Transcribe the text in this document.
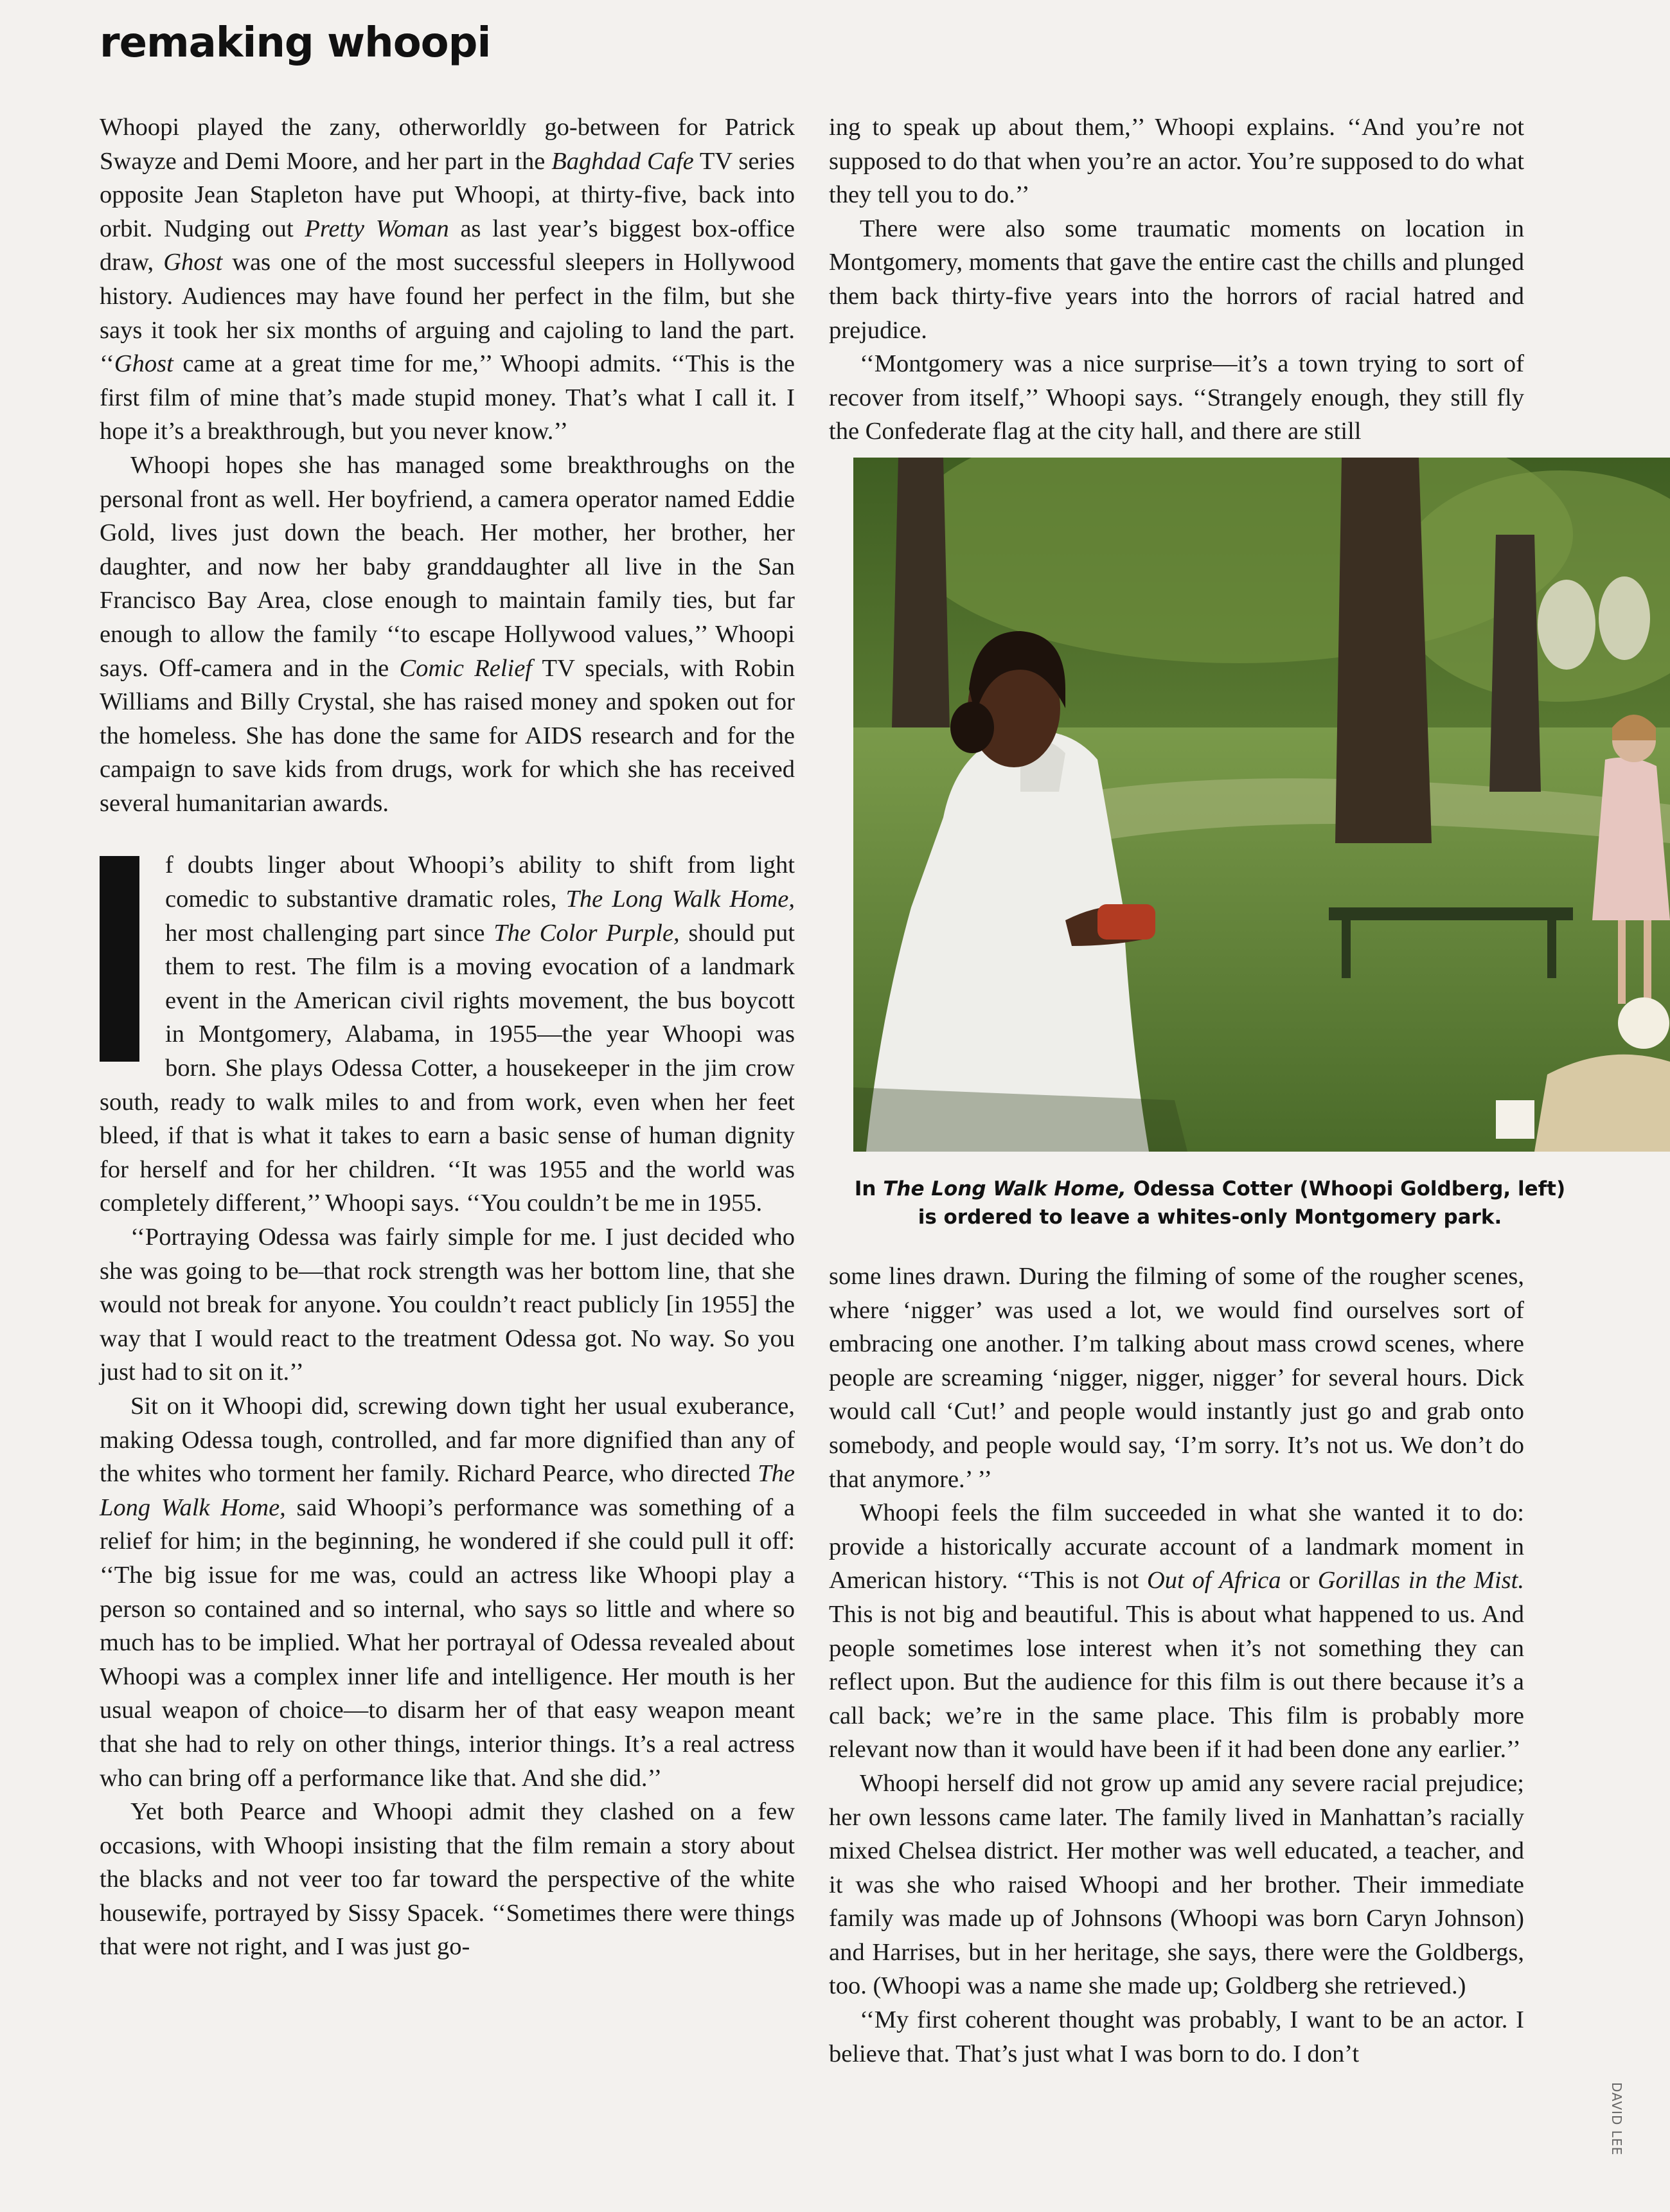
remaking whoopi

Whoopi played the zany, otherworldly go-between for Patrick Swayze and Demi Moore, and her part in the Baghdad Cafe TV series opposite Jean Stapleton have put Whoopi, at thirty-five, back into orbit. Nudging out Pretty Woman as last year’s biggest box-office draw, Ghost was one of the most successful sleepers in Hollywood history. Audiences may have found her perfect in the film, but she says it took her six months of arguing and cajoling to land the part. ‘‘Ghost came at a great time for me,’’ Whoopi admits. ‘‘This is the first film of mine that’s made stupid money. That’s what I call it. I hope it’s a breakthrough, but you never know.’’

Whoopi hopes she has managed some breakthroughs on the personal front as well. Her boyfriend, a camera operator named Eddie Gold, lives just down the beach. Her mother, her brother, her daughter, and now her baby granddaughter all live in the San Francisco Bay Area, close enough to maintain family ties, but far enough to allow the family ‘‘to escape Hollywood values,’’ Whoopi says. Off-camera and in the Comic Relief TV specials, with Robin Williams and Billy Crystal, she has raised money and spoken out for the homeless. She has done the same for AIDS research and for the campaign to save kids from drugs, work for which she has received several humanitarian awards.

f doubts linger about Whoopi’s ability to shift from light comedic to substantive dramatic roles, The Long Walk Home, her most challenging part since The Color Purple, should put them to rest. The film is a moving evocation of a landmark event in the American civil rights movement, the bus boycott in Montgomery, Alabama, in 1955—the year Whoopi was born. She plays Odessa Cotter, a housekeeper in the jim crow south, ready to walk miles to and from work, even when her feet bleed, if that is what it takes to earn a basic sense of human dignity for herself and for her children. ‘‘It was 1955 and the world was completely different,’’ Whoopi says. ‘‘You couldn’t be me in 1955.

‘‘Portraying Odessa was fairly simple for me. I just decided who she was going to be—that rock strength was her bottom line, that she would not break for anyone. You couldn’t react publicly [in 1955] the way that I would react to the treatment Odessa got. No way. So you just had to sit on it.’’

Sit on it Whoopi did, screwing down tight her usual exuberance, making Odessa tough, controlled, and far more dignified than any of the whites who torment her family. Richard Pearce, who directed The Long Walk Home, said Whoopi’s performance was something of a relief for him; in the beginning, he wondered if she could pull it off: ‘‘The big issue for me was, could an actress like Whoopi play a person so contained and so internal, who says so little and where so much has to be implied. What her portrayal of Odessa revealed about Whoopi was a complex inner life and intelligence. Her mouth is her usual weapon of choice—to disarm her of that easy weapon meant that she had to rely on other things, interior things. It’s a real actress who can bring off a performance like that. And she did.’’

Yet both Pearce and Whoopi admit they clashed on a few occasions, with Whoopi insisting that the film remain a story about the blacks and not veer too far toward the perspective of the white housewife, portrayed by Sissy Spacek. ‘‘Sometimes there were things that were not right, and I was just go-

ing to speak up about them,’’ Whoopi explains. ‘‘And you’re not supposed to do that when you’re an actor. You’re supposed to do what they tell you to do.’’

There were also some traumatic moments on location in Montgomery, moments that gave the entire cast the chills and plunged them back thirty-five years into the horrors of racial hatred and prejudice.

‘‘Montgomery was a nice surprise—it’s a town trying to sort of recover from itself,’’ Whoopi says. ‘‘Strangely enough, they still fly the Confederate flag at the city hall, and there are still

In The Long Walk Home, Odessa Cotter (Whoopi Goldberg, left) is ordered to leave a whites-only Montgomery park.

some lines drawn. During the filming of some of the rougher scenes, where ‘nigger’ was used a lot, we would find ourselves sort of embracing one another. I’m talking about mass crowd scenes, where people are screaming ‘nigger, nigger, nigger’ for several hours. Dick would call ‘Cut!’ and people would instantly just go and grab onto somebody, and people would say, ‘I’m sorry. It’s not us. We don’t do that anymore.’ ’’

Whoopi feels the film succeeded in what she wanted it to do: provide a historically accurate account of a landmark moment in American history. ‘‘This is not Out of Africa or Gorillas in the Mist. This is not big and beautiful. This is about what happened to us. And people sometimes lose interest when it’s not something they can reflect upon. But the audience for this film is out there because it’s a call back; we’re in the same place. This film is probably more relevant now than it would have been if it had been done any earlier.’’

Whoopi herself did not grow up amid any severe racial prejudice; her own lessons came later. The family lived in Manhattan’s racially mixed Chelsea district. Her mother was well educated, a teacher, and it was she who raised Whoopi and her brother. Their immediate family was made up of Johnsons (Whoopi was born Caryn Johnson) and Harrises, but in her heritage, she says, there were the Goldbergs, too. (Whoopi was a name she made up; Goldberg she retrieved.)

‘‘My first coherent thought was probably, I want to be an actor. I believe that. That’s just what I was born to do. I don’t

DAVID LEE
